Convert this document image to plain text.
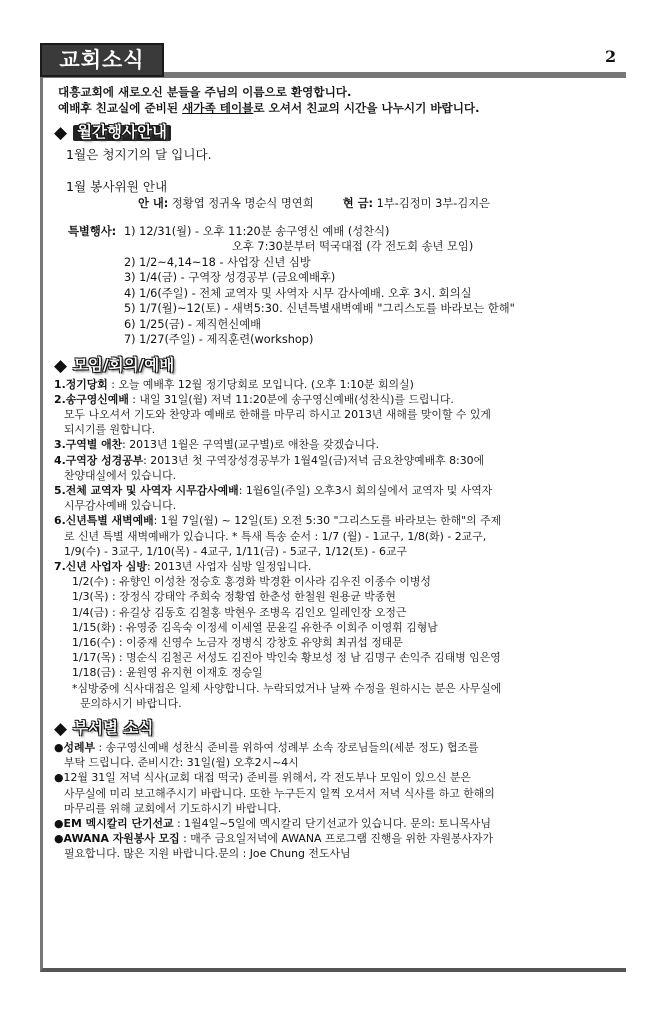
교회소식	2
대흥교회에 새로오신 분들을 주님의 이름으로 환영합니다.
예배후 친교실에 준비된 새가족 테이블로 오셔서 친교의 시간을 나누시기 바랍니다.
◆ 월간행사안내
1월은 청지기의 달 입니다.
1월 봉사위원 안내
안 내: 정황엽 정귀옥 명순식 명연희	현 금: 1부-김정미 3부-김지은
특별행사: 1) 12/31(월) - 오후 11:20분 송구영신 예배 (성찬식)
오후 7:30분부터 떡국대접 (각 전도회 송년 모임)
2) 1/2~4,14~18 - 사업장 신년 심방
3) 1/4(금) - 구역장 성경공부 (금요예배후)
4) 1/6(주일) - 전체 교역자 및 사역자 시무 감사예배. 오후 3시. 회의실
5) 1/7(월)~12(토) - 새벽5:30. 신년특별새벽예배 "그리스도를 바라보는 한해"
6) 1/25(금) - 제직헌신예배
7) 1/27(주일) - 제직훈련(workshop)
◆ 모임/회의/예배
1.정기당회 : 오늘 예배후 12월 정기당회로 모입니다. (오후 1:10분 회의실)
2.송구영신예배 : 내일 31일(월) 저녁 11:20분에 송구영신예배(성찬식)를 드립니다.
모두 나오셔서 기도와 찬양과 예배로 한해를 마무리 하시고 2013년 새해를 맞이할 수 있게
되시기를 원합니다.
3.구역별 애찬: 2013년 1월은 구역별(교구별)로 애찬을 갖겠습니다.
4.구역장 성경공부: 2013년 첫 구역장성경공부가 1월4일(금)저녁 금요찬양예배후 8:30에
찬양대실에서 있습니다.
5.전체 교역자 및 사역자 시무감사예배: 1월6일(주일) 오후3시 회의실에서 교역자 및 사역자
시무감사예배 있습니다.
6.신년특별 새벽예배: 1월 7일(월) ~ 12일(토) 오전 5:30 "그리스도를 바라보는 한해"의 주제
로 신년 특별 새벽예배가 있습니다. * 특새 특송 순서 : 1/7 (월) - 1교구, 1/8(화) - 2교구,
1/9(수) - 3교구, 1/10(목) - 4교구, 1/11(금) - 5교구, 1/12(토) - 6교구
7.신년 사업자 심방: 2013년 사업자 심방 일정입니다.
1/2(수) : 유향인 이성찬 정승호 홍경화 박경환 이사라 김우진 이종수 이병성
1/3(목) : 장정식 강태악 주희숙 정황엽 한춘성 한철원 원용균 박종현
1/4(금) : 유길상 김동호 김철홍 박현우 조병옥 김인오 일레인장 오정근
1/15(화) : 유영중 김옥숙 이정세 이세열 문윤길 유한주 이희주 이영휘 김형남
1/16(수) : 이중재 신영수 노금자 정병식 강창호 유양희 최귀섭 정태문
1/17(목) : 명순식 김철곤 서성도 김진아 박인숙 황보성 정 남 김명구 손익주 김태병 임은영
1/18(금) : 윤원영 유지현 이재호 정승일
*심방중에 식사대접은 일체 사양합니다. 누락되었거나 날짜 수정을 원하시는 분은 사무실에
문의하시기 바랍니다.
◆ 부서별 소식
●성례부 : 송구영신예배 성찬식 준비를 위하여 성례부 소속 장로님들의(세분 정도) 협조를
부탁 드립니다. 준비시간: 31일(월) 오후2시~4시
●12월 31일 저녁 식사(교회 대접 떡국) 준비를 위해서, 각 전도부나 모임이 있으신 분은
사무실에 미리 보고해주시기 바랍니다. 또한 누구든지 일찍 오셔서 저녁 식사를 하고 한해의
마무리를 위해 교회에서 기도하시기 바랍니다.
●EM 멕시칼리 단기선교 : 1월4일~5일에 멕시칼리 단기선교가 있습니다. 문의: 토니목사님
●AWANA 자원봉사 모집 : 매주 금요일저녁에 AWANA 프로그램 진행을 위한 자원봉사자가
필요합니다. 많은 지원 바랍니다.문의 : Joe Chung 전도사님
